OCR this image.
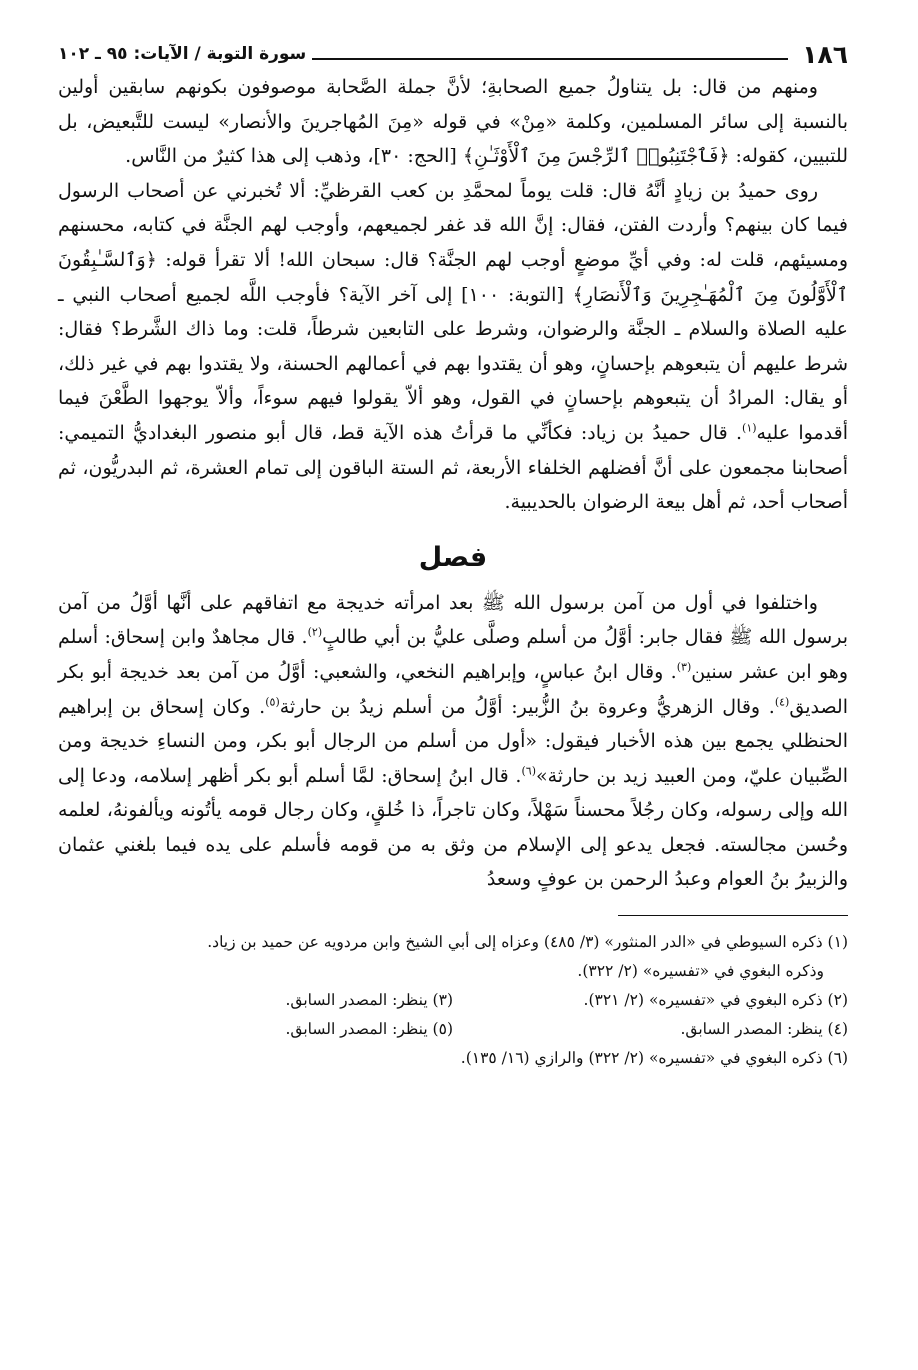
١٨٦
سورة التوبة / الآيات: ٩٥ ـ ١٠٢

ومنهم من قال: بل يتناولُ جميع الصحابةِ؛ لأنَّ جملة الصَّحابة موصوفون بكونهم سابقين أولين بالنسبة إلى سائر المسلمين، وكلمة «مِنْ» في قوله «مِنَ المُهاجرينَ والأنصار» ليست للتَّبعيض، بل للتبيين، كقوله: ﴿فَٱجْتَنِبُوا۟ ٱلرِّجْسَ مِنَ ٱلْأَوْثَـٰنِ﴾ [الحج: ٣٠]، وذهب إلى هذا كثيرٌ من النَّاس.

روى حميدُ بن زيادٍ أنَّهُ قال: قلت يوماً لمحمَّدِ بن كعب القرظيِّ: ألا تُخبرني عن أصحاب الرسول فيما كان بينهم؟ وأردت الفتن، فقال: إنَّ الله قد غفر لجميعهم، وأوجب لهم الجنَّة في كتابه، محسنهم ومسيئهم، قلت له: وفي أيِّ موضعٍ أوجب لهم الجنَّة؟ قال: سبحان الله! ألا تقرأ قوله: ﴿وَٱلسَّـٰبِقُونَ ٱلْأَوَّلُونَ مِنَ ٱلْمُهَـٰجِرِينَ وَٱلْأَنصَارِ﴾ [التوبة: ١٠٠] إلى آخر الآية؟ فأوجب اللَّه لجميع أصحاب النبي ـ عليه الصلاة والسلام ـ الجنَّة والرضوان، وشرط على التابعين شرطاً، قلت: وما ذاك الشَّرط؟ فقال: شرط عليهم أن يتبعوهم بإحسانٍ، وهو أن يقتدوا بهم في أعمالهم الحسنة، ولا يقتدوا بهم في غير ذلك، أو يقال: المرادُ أن يتبعوهم بإحسانٍ في القول، وهو ألاّ يقولوا فيهم سوءاً، وألاّ يوجهوا الطَّعْنَ فيما أقدموا عليه$^{(١)}$. قال حميدُ بن زياد: فكأنِّي ما قرأتُ هذه الآية قط، قال أبو منصور البغداديُّ التميمي: أصحابنا مجمعون على أنَّ أفضلهم الخلفاء الأربعة، ثم الستة الباقون إلى تمام العشرة، ثم البدريُّون، ثم أصحاب أحد، ثم أهل بيعة الرضوان بالحديبية.

فصل

واختلفوا في أول من آمن برسول الله ﷺ بعد امرأته خديجة مع اتفاقهم على أنَّها أوَّلُ من آمن برسول الله ﷺ فقال جابر: أوَّلُ من أسلم وصلَّى عليُّ بن أبي طالبٍ$^{(٢)}$. قال مجاهدٌ وابن إسحاق: أسلم وهو ابن عشر سنين$^{(٣)}$. وقال ابنُ عباسٍ، وإبراهيم النخعي، والشعبي: أوَّلُ من آمن بعد خديجة أبو بكر الصديق$^{(٤)}$. وقال الزهريُّ وعروة بنُ الزُّبير: أوَّلُ من أسلم زيدُ بن حارثة$^{(٥)}$. وكان إسحاق بن إبراهيم الحنظلي يجمع بين هذه الأخبار فيقول: «أول من أسلم من الرجال أبو بكر، ومن النساءِ خديجة ومن الصِّبيان عليّ، ومن العبيد زيد بن حارثة»$^{(٦)}$. قال ابنُ إسحاق: لمَّا أسلم أبو بكر أظهر إسلامه، ودعا إلى الله وإلى رسوله، وكان رجُلاً محسناً سَهْلاً، وكان تاجراً، ذا خُلقٍ، وكان رجال قومه يأتُونه ويألفونهُ، لعلمه وحُسن مجالسته. فجعل يدعو إلى الإسلام من وثق به من قومه فأسلم على يده فيما بلغني عثمان والزبيرُ بنُ العوام وعبدُ الرحمن بن عوفٍ وسعدُ

(١) ذكره السيوطي في «الدر المنثور» (٣/ ٤٨٥) وعزاه إلى أبي الشيخ وابن مردويه عن حميد بن زياد.
وذكره البغوي في «تفسيره» (٢/ ٣٢٢).
(٢) ذكره البغوي في «تفسيره» (٢/ ٣٢١).
(٣) ينظر: المصدر السابق.
(٤) ينظر: المصدر السابق.
(٥) ينظر: المصدر السابق.
(٦) ذكره البغوي في «تفسيره» (٢/ ٣٢٢) والرازي (١٦/ ١٣٥).
